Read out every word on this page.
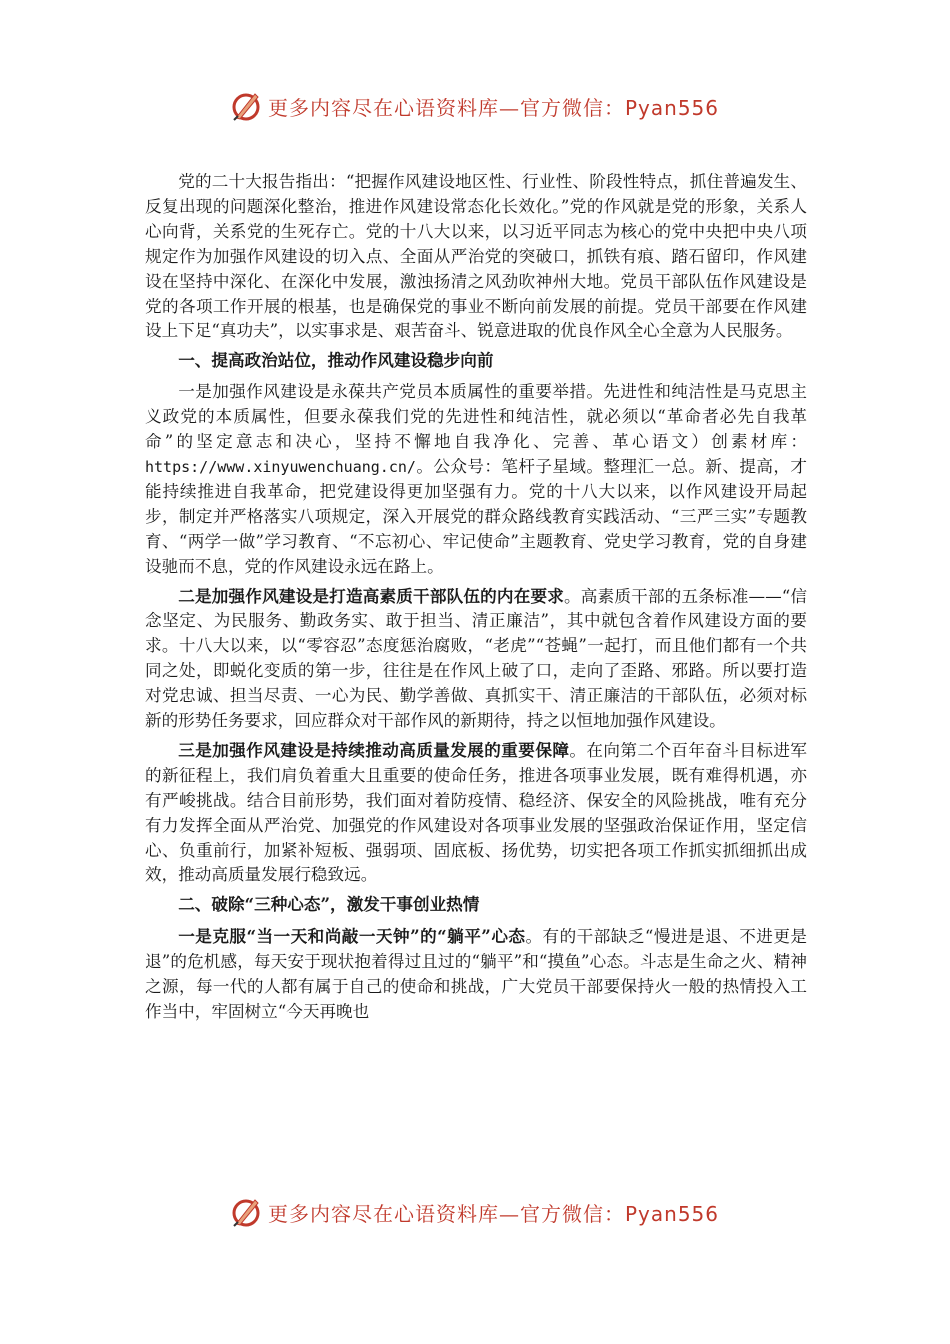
更多内容尽在心语资料库—官方微信：Pyan556

党的二十大报告指出：“把握作风建设地区性、行业性、阶段性特点，抓住普遍发生、反复出现的问题深化整治，推进作风建设常态化长效化。”党的作风就是党的形象，关系人心向背，关系党的生死存亡。党的十八大以来，以习近平同志为核心的党中央把中央八项规定作为加强作风建设的切入点、全面从严治党的突破口，抓铁有痕、踏石留印，作风建设在坚持中深化、在深化中发展，激浊扬清之风劲吹神州大地。党员干部队伍作风建设是党的各项工作开展的根基，也是确保党的事业不断向前发展的前提。党员干部要在作风建设上下足“真功夫”，以实事求是、艰苦奋斗、锐意进取的优良作风全心全意为人民服务。

一、提高政治站位，推动作风建设稳步向前

一是加强作风建设是永葆共产党员本质属性的重要举措。先进性和纯洁性是马克思主义政党的本质属性，但要永葆我们党的先进性和纯洁性，就必须以“革命者必先自我革命”的坚定意志和决心，坚持不懈地自我净化、完善、革心语文）创素材库：https://www.xinyuwenchuang.cn/。公众号：笔杆子星域。整理汇一总。新、提高，才能持续推进自我革命，把党建设得更加坚强有力。党的十八大以来，以作风建设开局起步，制定并严格落实八项规定，深入开展党的群众路线教育实践活动、“三严三实”专题教育、“两学一做”学习教育、“不忘初心、牢记使命”主题教育、党史学习教育，党的自身建设驰而不息，党的作风建设永远在路上。

二是加强作风建设是打造高素质干部队伍的内在要求。高素质干部的五条标准——“信念坚定、为民服务、勤政务实、敢于担当、清正廉洁”，其中就包含着作风建设方面的要求。十八大以来，以“零容忍”态度惩治腐败，“老虎”“苍蝇”一起打，而且他们都有一个共同之处，即蜕化变质的第一步，往往是在作风上破了口，走向了歪路、邪路。所以要打造对党忠诚、担当尽责、一心为民、勤学善做、真抓实干、清正廉洁的干部队伍，必须对标新的形势任务要求，回应群众对干部作风的新期待，持之以恒地加强作风建设。

三是加强作风建设是持续推动高质量发展的重要保障。在向第二个百年奋斗目标进军的新征程上，我们肩负着重大且重要的使命任务，推进各项事业发展，既有难得机遇，亦有严峻挑战。结合目前形势，我们面对着防疫情、稳经济、保安全的风险挑战，唯有充分有力发挥全面从严治党、加强党的作风建设对各项事业发展的坚强政治保证作用，坚定信心、负重前行，加紧补短板、强弱项、固底板、扬优势，切实把各项工作抓实抓细抓出成效，推动高质量发展行稳致远。

二、破除“三种心态”，激发干事创业热情

一是克服“当一天和尚敲一天钟”的“躺平”心态。有的干部缺乏“慢进是退、不进更是退”的危机感，每天安于现状抱着得过且过的“躺平”和“摸鱼”心态。斗志是生命之火、精神之源，每一代的人都有属于自己的使命和挑战，广大党员干部要保持火一般的热情投入工作当中，牢固树立“今天再晚也

更多内容尽在心语资料库—官方微信：Pyan556
